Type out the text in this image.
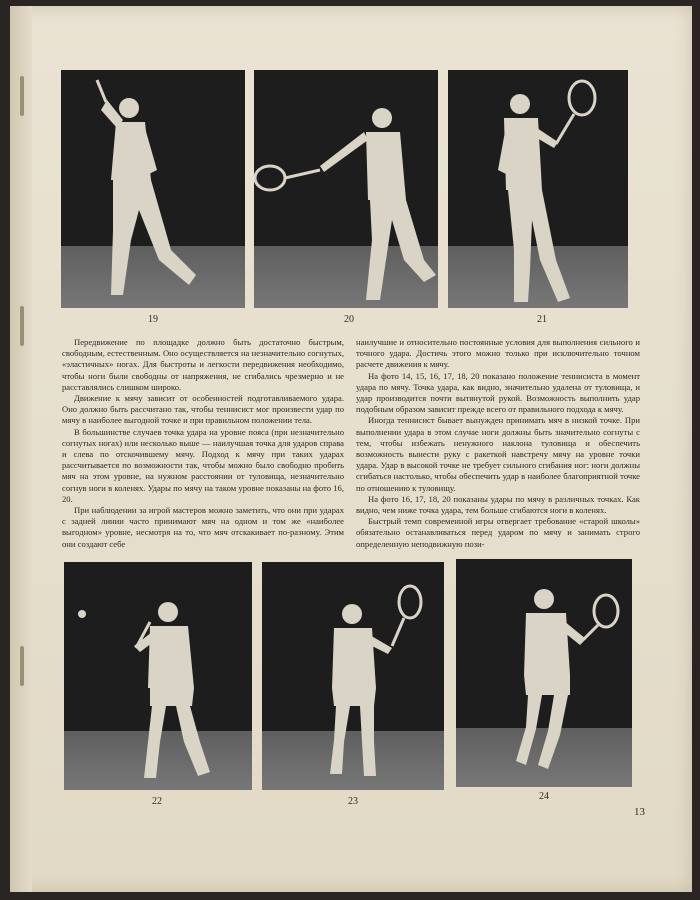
19	20	21

Передвижение по площадке должно быть достаточно быстрым, свободным, естественным. Оно осуществляется на незначительно согнутых, «эластичных» ногах. Для быстроты и легкости передвижения необходимо, чтобы ноги были свободны от напряжения, не сгибались чрезмерно и не расставлялись слишком широко.

Движение к мячу зависит от особенностей подготавливаемого удара. Оно должно быть рассчитано так, чтобы теннисист мог произвести удар по мячу в наиболее выгодной точке и при правильном положении тела.

В большинстве случаев точка удара на уровне пояса (при незначительно согнутых ногах) или несколько выше — наилучшая точка для ударов справа и слева по отскочившему мячу. Подход к мячу при таких ударах рассчитывается по возможности так, чтобы можно было свободно пробить мяч на этом уровне, на нужном расстоянии от туловища, незначительно согнув ноги в коленях. Удары по мячу на таком уровне показаны на фото 16, 20.

При наблюдении за игрой мастеров можно заметить, что они при ударах с задней линии часто принимают мяч на одном и том же «наиболее выгодном» уровне, несмотря на то, что мяч отскакивает по-разному. Этим они создают себе

наилучшие и относительно постоянные условия для выполнения сильного и точного удара. Достичь этого можно только при исключительно точном расчете движения к мячу.

На фото 14, 15, 16, 17, 18, 20 показано положение теннисиста в момент удара по мячу. Точка удара, как видно, значительно удалена от туловища, и удар производится почти вытянутой рукой. Возможность выполнить удар подобным образом зависит прежде всего от правильного подхода к мячу.

Иногда теннисист бывает вынужден принимать мяч в низкой точке. При выполнении удара в этом случае ноги должны быть значительно согнуты с тем, чтобы избежать ненужного наклона туловища и обеспечить возможность вынести руку с ракеткой навстречу мячу на уровне точки удара. Удар в высокой точке не требует сильного сгибания ног: ноги должны сгибаться настолько, чтобы обеспечить удар в наиболее благоприятной точке по отношению к туловищу.

На фото 16, 17, 18, 20 показаны удары по мячу в различных точках. Как видно, чем ниже точка удара, тем больше сгибаются ноги в коленях.

Быстрый темп современной игры отвергает требование «старой школы» обязательно останавливаться перед ударом по мячу и занимать строго определенную неподвижную пози-

22	23	24
13
